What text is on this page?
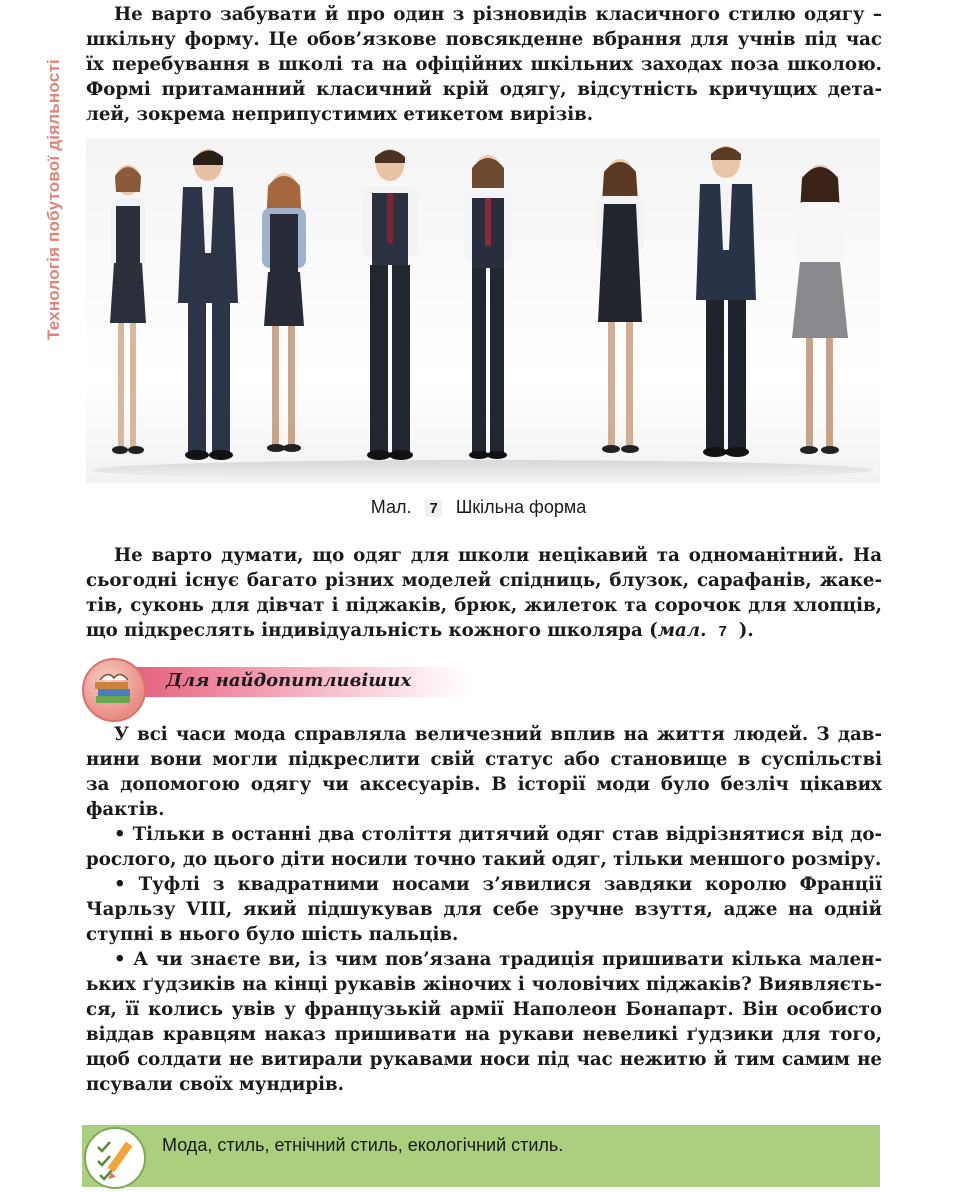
Технологія побутової діяльності
Не варто забувати й про один з різновидів класичного стилю одягу –
шкільну форму. Це обов’язкове повсякденне вбрання для учнів під час
їх перебування в школі та на офіційних шкільних заходах поза школою.
Формі притаманний класичний крій одягу, відсутність кричущих дета-
лей, зокрема неприпустимих етикетом вирізів.
Мал. 7 Шкільна форма
Не варто думати, що одяг для школи нецікавий та одноманітний. На
сьогодні існує багато різних моделей спідниць, блузок, сарафанів, жаке-
тів, суконь для дівчат і піджаків, брюк, жилеток та сорочок для хлопців,
що підкреслять індивідуальність кожного школяра (мал. 7 ).
Для найдопитливіших
У всі часи мода справляла величезний вплив на життя людей. З дав-
нини вони могли підкреслити свій статус або становище в суспільстві
за допомогою одягу чи аксесуарів. В історії моди було безліч цікавих
фактів.
• Тільки в останні два століття дитячий одяг став відрізнятися від до-
рослого, до цього діти носили точно такий одяг, тільки меншого розміру.
• Туфлі з квадратними носами з’явилися завдяки королю Франції
Чарльзу VIII, який підшукував для себе зручне взуття, адже на одній
ступні в нього було шість пальців.
• А чи знаєте ви, із чим пов’язана традиція пришивати кілька мален-
ьких ґудзиків на кінці рукавів жіночих і чоловічих піджаків? Виявляєть-
ся, її колись увів у французькій армії Наполеон Бонапарт. Він особисто
віддав кравцям наказ пришивати на рукави невеликі ґудзики для того,
щоб солдати не витирали рукавами носи під час нежитю й тим самим не
псували своїх мундирів.
Мода, стиль, етнічний стиль, екологічний стиль.
